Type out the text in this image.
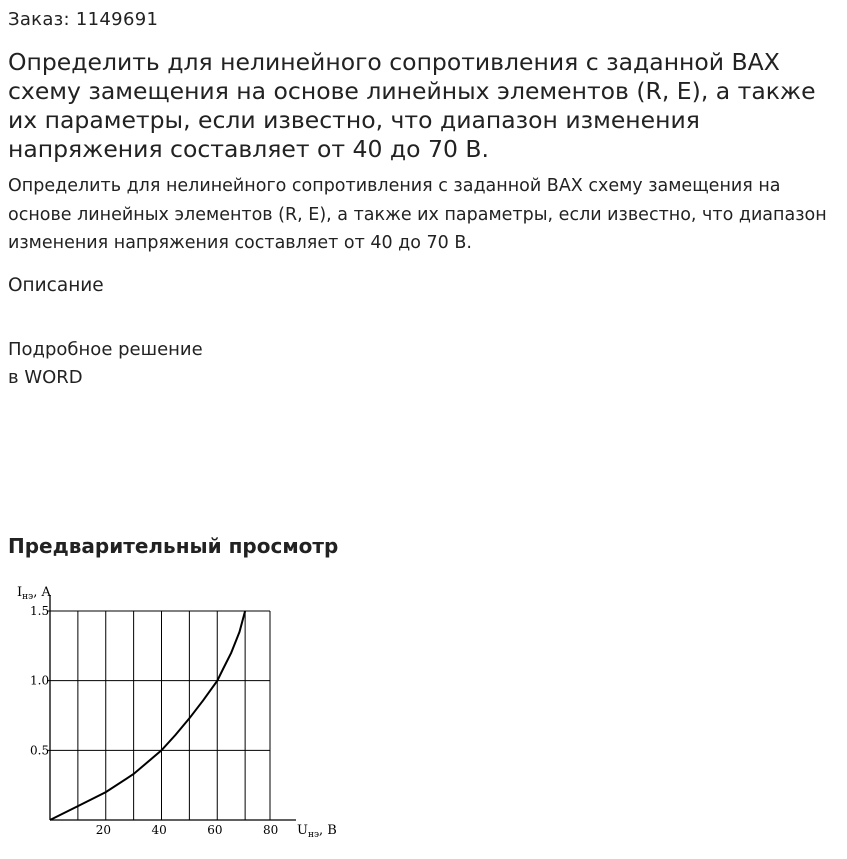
Заказ: 1149691
Определить для нелинейного сопротивления с заданной ВАХ схему замещения на основе линейных элементов (R, E), а также их параметры, если известно, что диапазон изменения напряжения составляет от 40 до 70 В.
Определить для нелинейного сопротивления с заданной ВАХ схему замещения на основе линейных элементов (R, E), а также их параметры, если известно, что диапазон изменения напряжения составляет от 40 до 70 В.
Описание
Подробное решение
в WORD
Предварительный просмотр
20	40	60	80
0.5
1.0
1.5
$I_{нэ}$, A
$U_{нэ}$, В
